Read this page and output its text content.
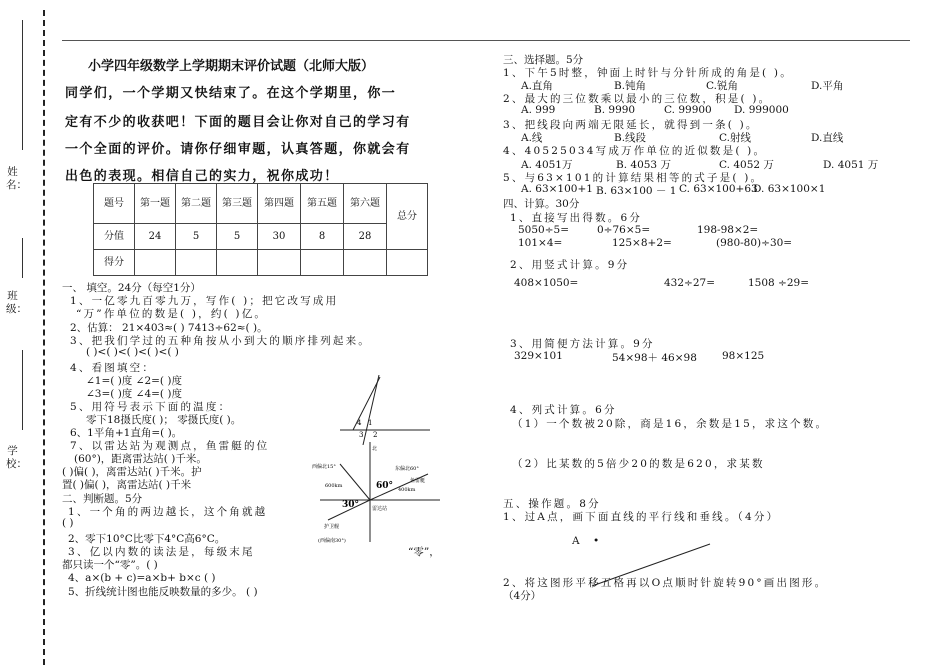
姓名：
班级：
学校：
小学四年级数学上学期期末评价试题（北师大版）
同学们，一个学期又快结束了。在这个学期里，你一
定有不少的收获吧！下面的题目会让你对自己的学习有
一个全面的评价。请你仔细审题，认真答题，你就会有
出色的表现。相信自己的实力，祝你成功！
题号	第一题	第二题	第三题	第四题	第五题	第六题	总分
分值	24	5	5	30	8	28	
得分							
一、 填空。24分（每空1分）
1、一亿零九百零九万，写作( )；把它改写成用
“万”作单位的数是( )，约( )亿。
2、估算： 21×403≈( ) 7413÷62≈( )。
3、把我们学过的五种角按从小到大的顺序排列起来。
( )<( )<( )<( )<( )
4、看图填空：
∠1=( )度 ∠2=( )度
∠3=( )度 ∠4=( )度
5、用符号表示下面的温度：
零下18摄氏度( )； 零摄氏度( )。
6、1平角+1直角=( )。
7、以雷达站为观测点，鱼雷艇的位
(60°)，距离雷达站( )千米。
( )偏( )，离雷达站( )千米。护
置( )偏( )，离雷达站( )千米
二、判断题。5分
1、一个角的两边越长，这个角就越
( )
2、零下10°C比零下4°C高6°C。
3、亿以内数的读法是，每级末尾	“零”，
都只读一个“零”。( )
4、a×(b + c)=a×b+ b×c ( )
5、折线统计图也能反映数量的多少。 ( )
1
2
3
4
西偏北15°	东偏北60°
鱼雷艇
600km
400km
30°	雷达站
护卫舰
(西偏南30°)
60°
北
三、选择题。5分
1、下午5时整，钟面上时针与分针所成的角是( )。
A.直角	B.钝角	C.锐角	D.平角
2、最大的三位数乘以最小的三位数，积是( )。
A. 999	B. 9990	C. 99900 D. 999000
3、把线段向两端无限延长，就得到一条( )。
A.线	B.线段	C.射线	D.直线
4、40525034写成万作单位的近似数是( )。
A. 4051万	B. 4053 万	C. 4052 万	D. 4051 万
5、与63×101的计算结果相等的式子是( )。
A. 63×100+1 B. 63×100 － 1 C. 63×100+63
D. 63×100×1
四、计算。30分
1、直接写出得数。6分
5050÷5=	0÷76×5=	198-98×2=
101×4=	125×8+2=	(980-80)÷30=
2、用竖式计算。9分
408×1050=	432÷27=	1508 ÷29=
3、用简便方法计算。9分
329×101	54×98＋ 46×98 98×125
4、列式计算。6分
（1）一个数被20除，商是16，余数是15，求这个数。
（2）比某数的5倍少20的数是620，求某数
五、操作题。8分
1、过A点，画下面直线的平行线和垂线。（4分）
A •
2、将这图形平移五格再以O点顺时针旋转90°画出图形。
（4分）
